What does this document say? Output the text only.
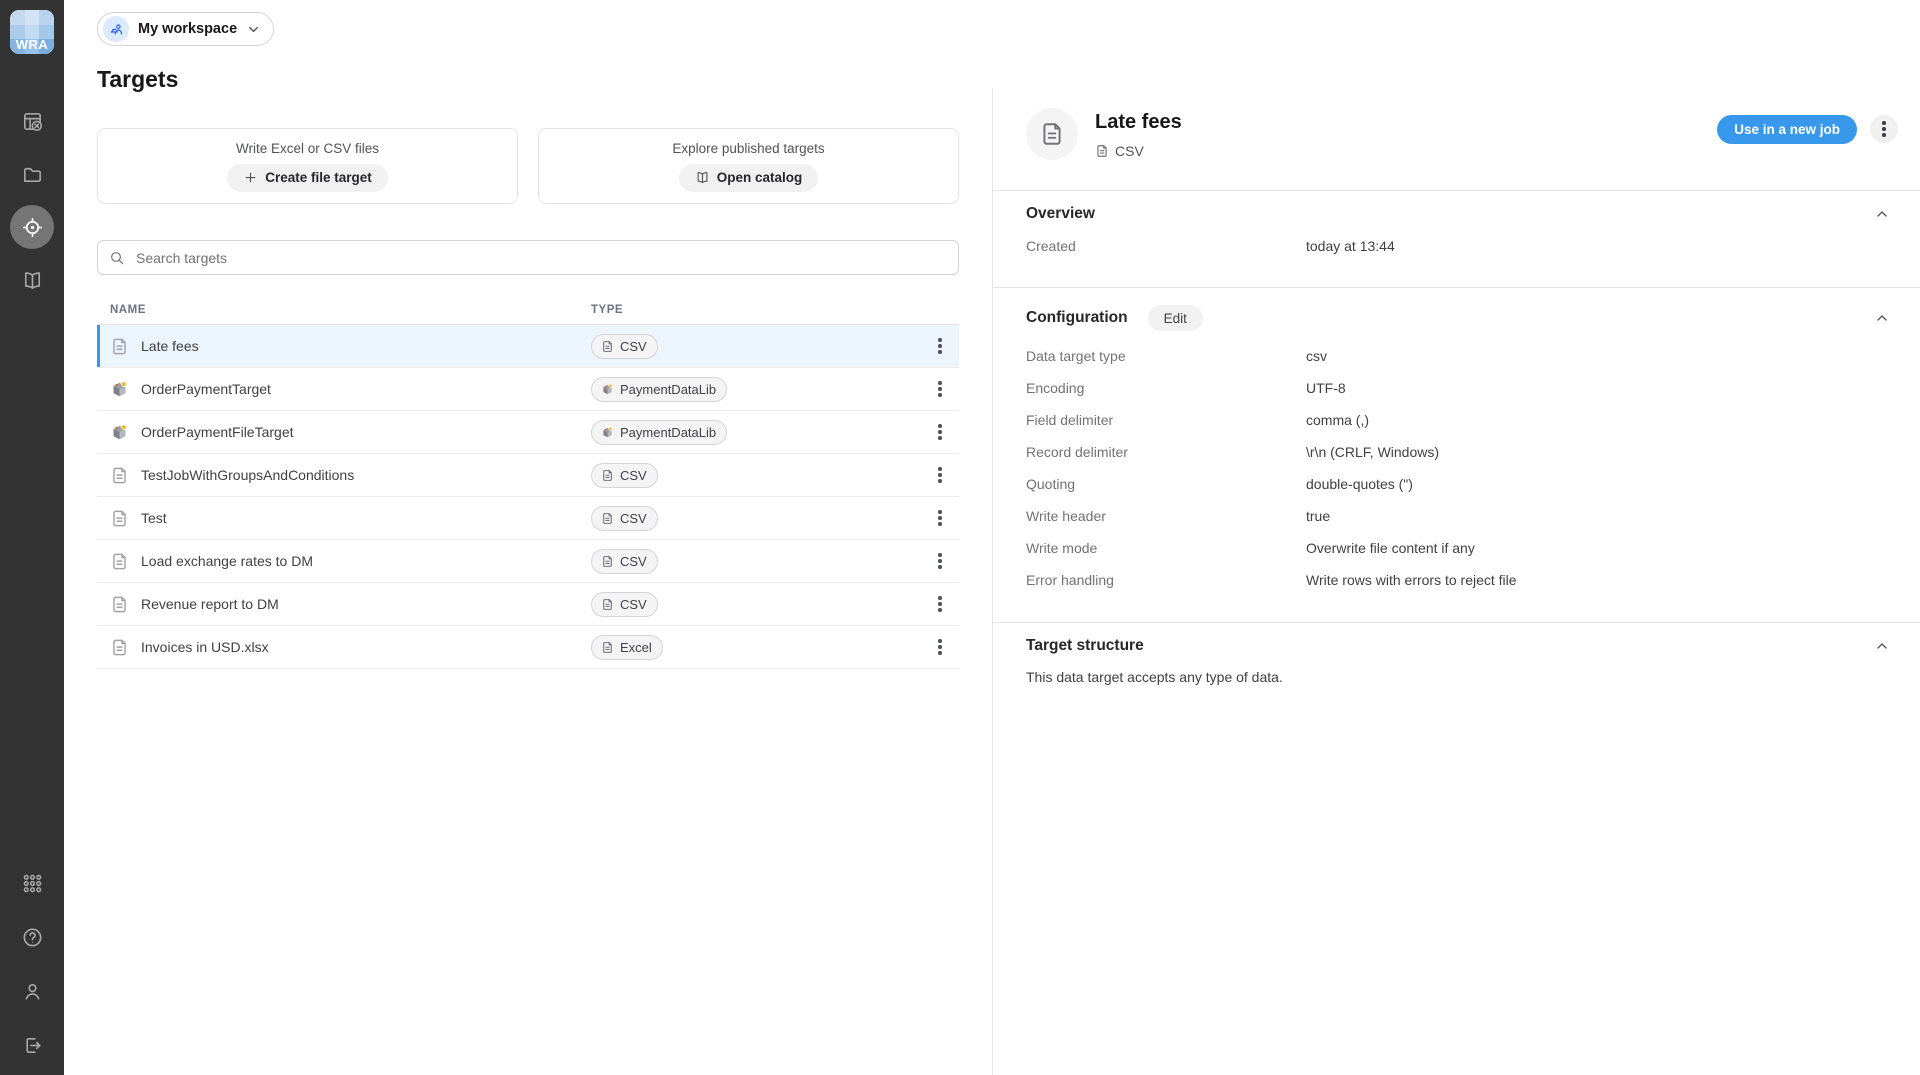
WRA
My workspace
Targets
Write Excel or CSV files
Create file target
Explore published targets
Open catalog
Search targets
NAME	TYPE
Late fees	CSV
OrderPaymentTarget	PaymentDataLib
OrderPaymentFileTarget	PaymentDataLib
TestJobWithGroupsAndConditions	CSV
Test	CSV
Load exchange rates to DM	CSV
Revenue report to DM	CSV
Invoices in USD.xlsx	Excel
Late fees
CSV
Use in a new job
Overview
Created	today at 13:44
Configuration	Edit
Data target type	csv
Encoding	UTF-8
Field delimiter	comma (,)
Record delimiter	\r\n (CRLF, Windows)
Quoting	double-quotes (")
Write header	true
Write mode	Overwrite file content if any
Error handling	Write rows with errors to reject file
Target structure
This data target accepts any type of data.
